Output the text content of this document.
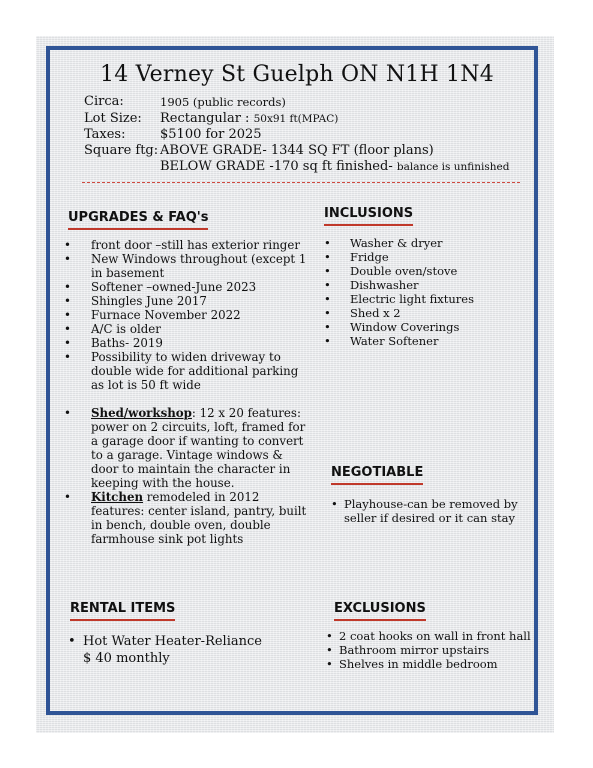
14 Verney St Guelph ON N1H 1N4
Circa:	1905 (public records)
Lot Size: Rectangular : 50x91 ft(MPAC)
Taxes:	$5100 for 2025
Square ftg: ABOVE GRADE- 1344 SQ FT (floor plans)
BELOW GRADE -170 sq ft finished- balance is unfinished
UPGRADES & FAQ's
• front door –still has exterior ringer
• New Windows throughout (except 1 in basement
• Softener –owned-June 2023
• Shingles June 2017
• Furnace November 2022
• A/C is older
• Baths- 2019
• Possibility to widen driveway to double wide for additional parking as lot is 50 ft wide
•	Shed/workshop: 12 x 20 features: power on 2 circuits, loft, framed for a garage door if wanting to convert to a garage. Vintage windows & door to maintain the character in keeping with the house.
•	Kitchen remodeled in 2012 features: center island, pantry, built in bench, double oven, double farmhouse sink pot lights
INCLUSIONS
• Washer & dryer
• Fridge
• Double oven/stove
• Dishwasher
• Electric light fixtures
• Shed x 2
• Window Coverings
• Water Softener
NEGOTIABLE
• Playhouse-can be removed by seller if desired or it can stay
RENTAL ITEMS
• Hot Water Heater-Reliance
$ 40 monthly
EXCLUSIONS
• 2 coat hooks on wall in front hall
• Bathroom mirror upstairs
• Shelves in middle bedroom
